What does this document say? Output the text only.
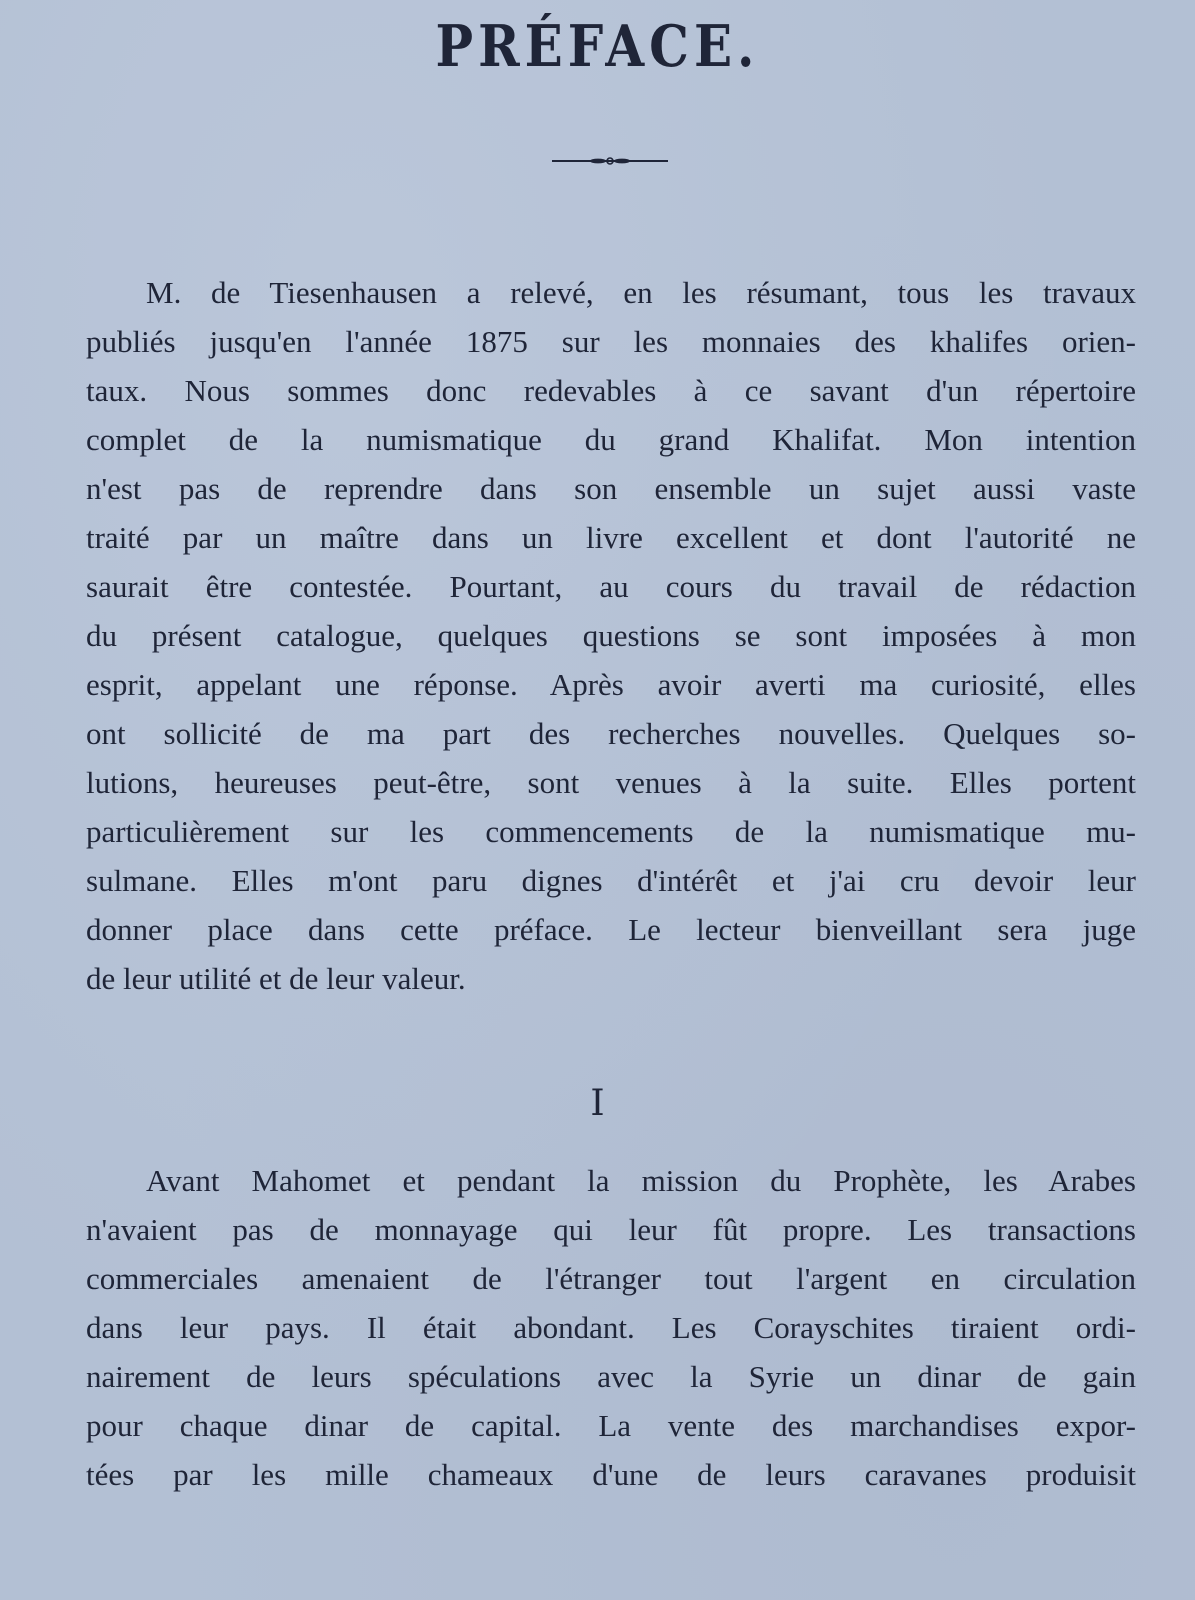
PRÉFACE.
M. de Tiesenhausen a relevé, en les résumant, tous les travaux
publiés jusqu'en l'année 1875 sur les monnaies des khalifes orien-
taux. Nous sommes donc redevables à ce savant d'un répertoire
complet de la numismatique du grand Khalifat. Mon intention
n'est pas de reprendre dans son ensemble un sujet aussi vaste
traité par un maître dans un livre excellent et dont l'autorité ne
saurait être contestée. Pourtant, au cours du travail de rédaction
du présent catalogue, quelques questions se sont imposées à mon
esprit, appelant une réponse. Après avoir averti ma curiosité, elles
ont sollicité de ma part des recherches nouvelles. Quelques so-
lutions, heureuses peut-être, sont venues à la suite. Elles portent
particulièrement sur les commencements de la numismatique mu-
sulmane. Elles m'ont paru dignes d'intérêt et j'ai cru devoir leur
donner place dans cette préface. Le lecteur bienveillant sera juge
de leur utilité et de leur valeur.
I
Avant Mahomet et pendant la mission du Prophète, les Arabes
n'avaient pas de monnayage qui leur fût propre. Les transactions
commerciales amenaient de l'étranger tout l'argent en circulation
dans leur pays. Il était abondant. Les Corayschites tiraient ordi-
nairement de leurs spéculations avec la Syrie un dinar de gain
pour chaque dinar de capital. La vente des marchandises expor-
tées par les mille chameaux d'une de leurs caravanes produisit
